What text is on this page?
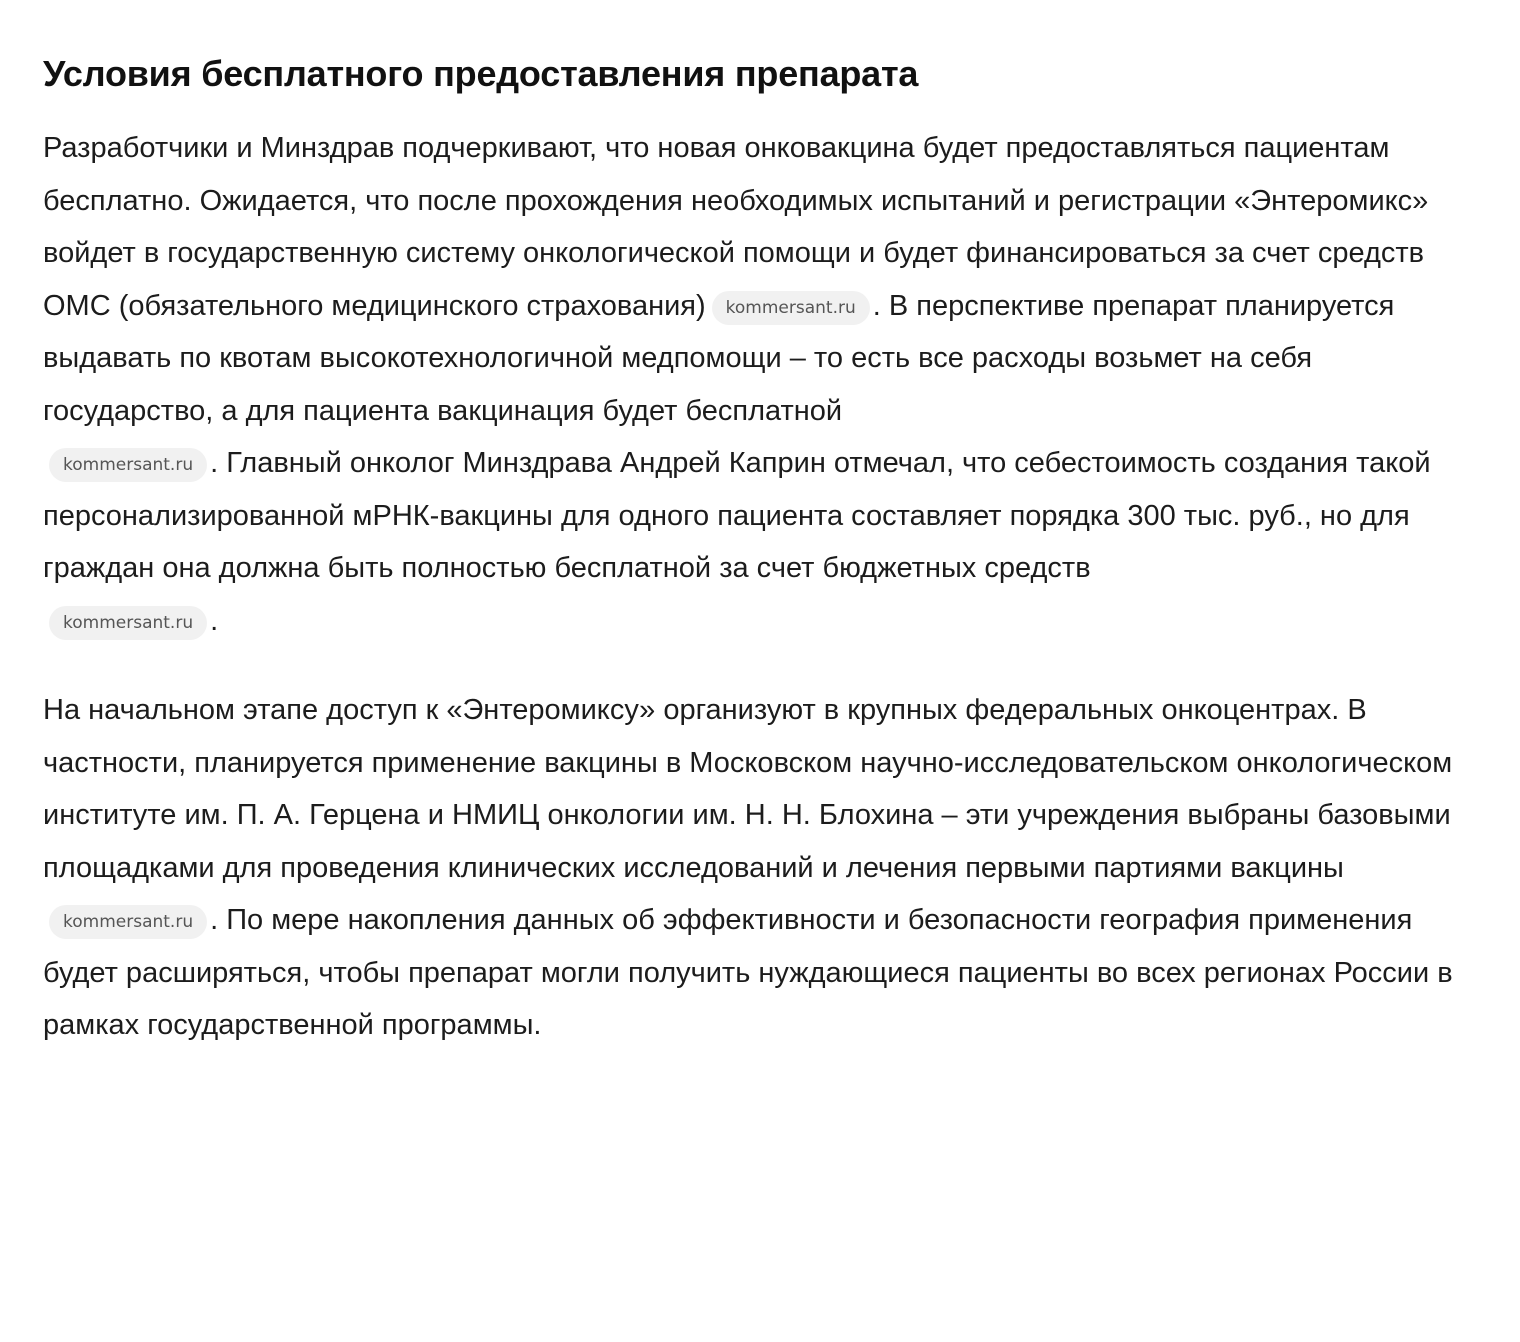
Условия бесплатного предоставления препарата

Разработчики и Минздрав подчеркивают, что новая онковакцина будет предоставляться пациентам бесплатно. Ожидается, что после прохождения необходимых испытаний и регистрации «Энтеромикс» войдет в государственную систему онкологической помощи и будет финансироваться за счет средств ОМС (обязательного медицинского страхования) kommersant.ru . В перспективе препарат планируется выдавать по квотам высокотехнологичной медпомощи – то есть все расходы возьмет на себя государство, а для пациента вакцинация будет бесплатной
kommersant.ru . Главный онколог Минздрава Андрей Каприн отмечал, что себестоимость создания такой персонализированной мРНК-вакцины для одного пациента составляет порядка 300 тыс. руб., но для граждан она должна быть полностью бесплатной за счет бюджетных средств
kommersant.ru .

На начальном этапе доступ к «Энтеромиксу» организуют в крупных федеральных онкоцентрах. В частности, планируется применение вакцины в Московском научно-исследовательском онкологическом институте им. П. А. Герцена и НМИЦ онкологии им. Н. Н. Блохина – эти учреждения выбраны базовыми площадками для проведения клинических исследований и лечения первыми партиями вакциныkommersant.ru . По мере накопления данных об эффективности и безопасности география применения будет расширяться, чтобы препарат могли получить нуждающиеся пациенты во всех регионах России в рамках государственной программы.
